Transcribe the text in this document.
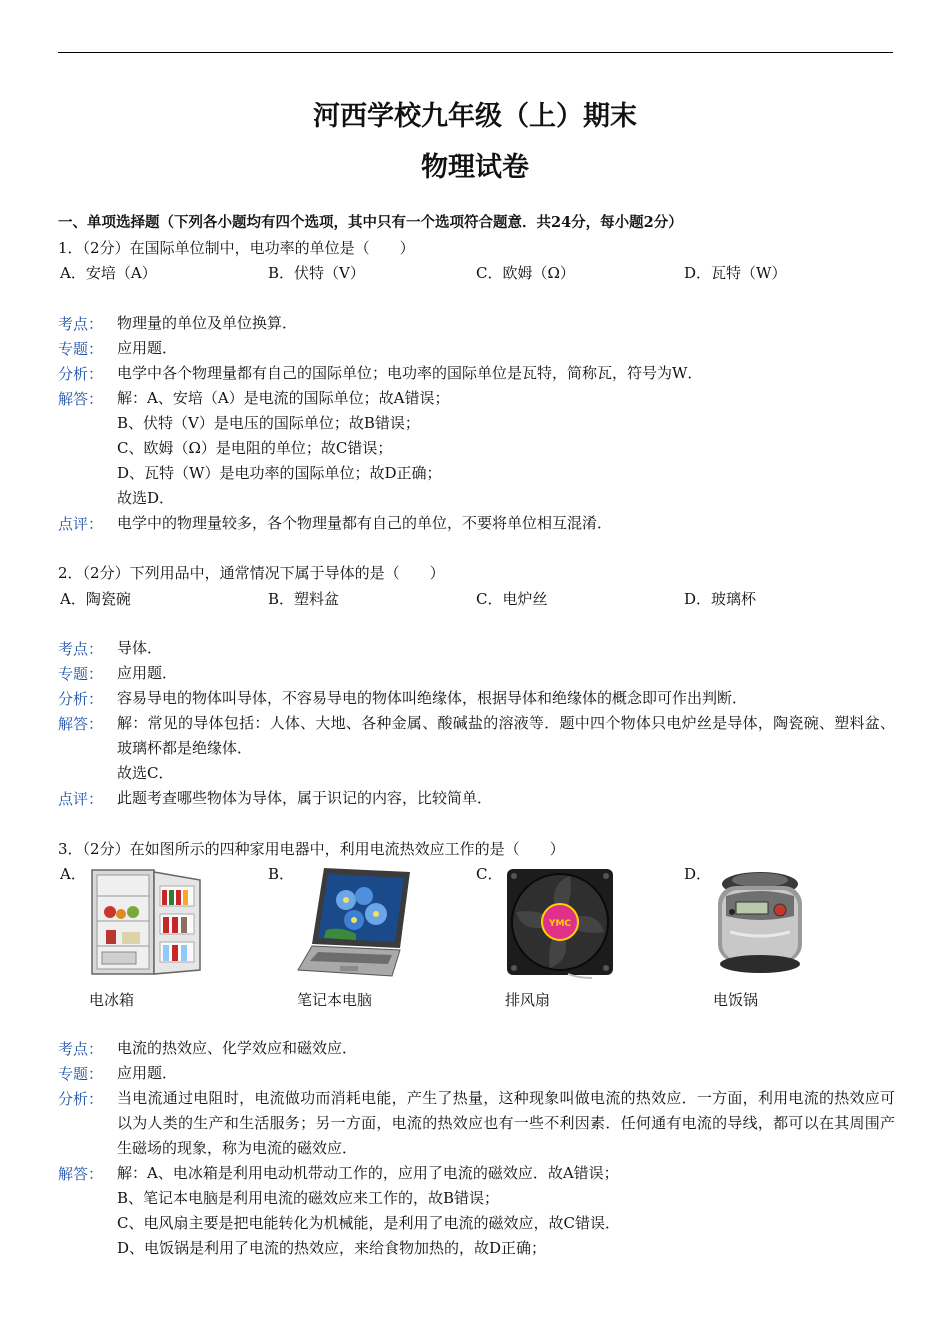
河西学校九年级（上）期末
物理试卷
一、单项选择题（下列各小题均有四个选项，其中只有一个选项符合题意．共24分，每小题2分）
1．（2分）在国际单位制中，电功率的单位是（　　）
A．安培（A）	B．伏特（V）	C．欧姆（Ω）	D．瓦特（W）
考点： 物理量的单位及单位换算．
专题： 应用题．
分析： 电学中各个物理量都有自己的国际单位；电功率的国际单位是瓦特，简称瓦，符号为W．
解答： 解：A、安培（A）是电流的国际单位；故A错误；
B、伏特（V）是电压的国际单位；故B错误；
C、欧姆（Ω）是电阻的单位；故C错误；
D、瓦特（W）是电功率的国际单位；故D正确；
故选D．
点评： 电学中的物理量较多，各个物理量都有自己的单位，不要将单位相互混淆．
2．（2分）下列用品中，通常情况下属于导体的是（　　）
A．陶瓷碗	B．塑料盆	C．电炉丝	D．玻璃杯
考点： 导体．
专题： 应用题．
分析： 容易导电的物体叫导体，不容易导电的物体叫绝缘体，根据导体和绝缘体的概念即可作出判断．
解答： 解：常见的导体包括：人体、大地、各种金属、酸碱盐的溶液等．题中四个物体只电炉丝是导体，陶瓷碗、塑料盆、玻璃杯都是绝缘体．
故选C．
点评： 此题考查哪些物体为导体，属于识记的内容，比较简单．
3．（2分）在如图所示的四种家用电器中，利用电流热效应工作的是（　　）
A．	B．	C．	D．
YMC
电冰箱	笔记本电脑	排风扇	电饭锅
考点： 电流的热效应、化学效应和磁效应．
专题： 应用题．
分析： 当电流通过电阻时，电流做功而消耗电能，产生了热量，这种现象叫做电流的热效应．一方面，利用电流的热效应可以为人类的生产和生活服务；另一方面，电流的热效应也有一些不利因素．任何通有电流的导线，都可以在其周围产生磁场的现象，称为电流的磁效应．
解答： 解：A、电冰箱是利用电动机带动工作的，应用了电流的磁效应．故A错误；
B、笔记本电脑是利用电流的磁效应来工作的，故B错误；
C、电风扇主要是把电能转化为机械能，是利用了电流的磁效应，故C错误．
D、电饭锅是利用了电流的热效应，来给食物加热的，故D正确；
